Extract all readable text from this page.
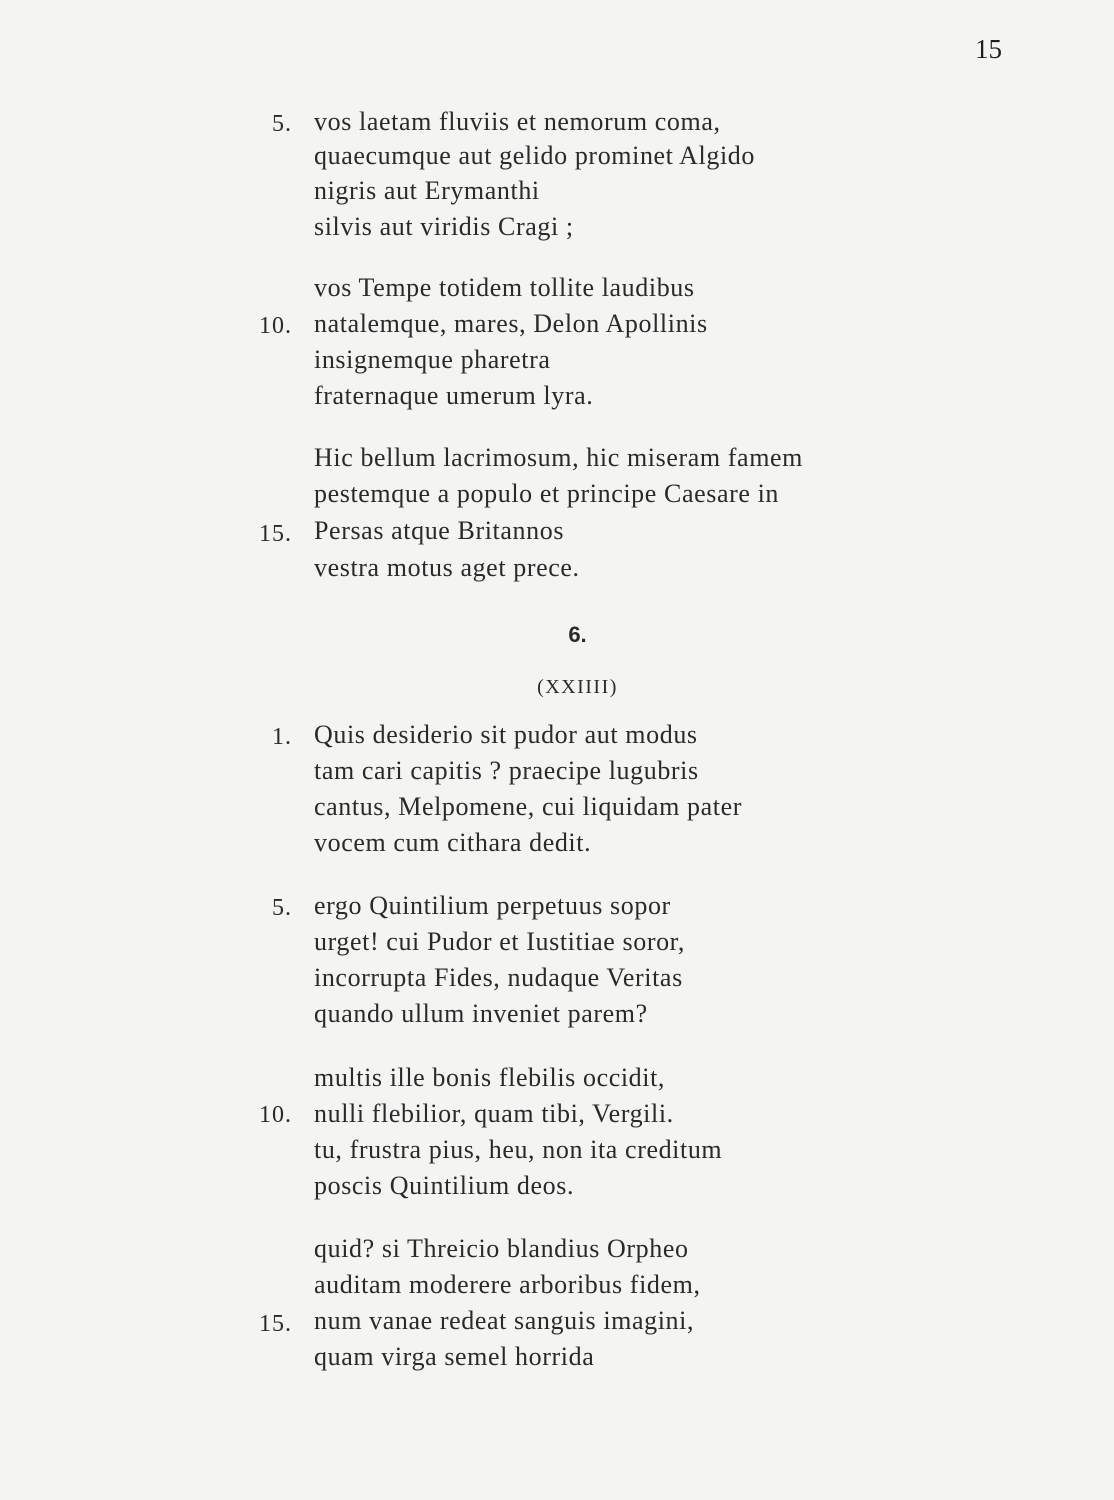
15
5. vos laetam fluviis et nemorum coma,
quaecumque aut gelido prominet Algido
nigris aut Erymanthi
silvis aut viridis Cragi ;
vos Tempe totidem tollite laudibus
10. natalemque, mares, Delon Apollinis
insignemque pharetra
fraternaque umerum lyra.
Hic bellum lacrimosum, hic miseram famem
pestemque a populo et principe Caesare in
15. Persas atque Britannos
vestra motus aget prece.
6.
(XXIIII)
1. Quis desiderio sit pudor aut modus
tam cari capitis ? praecipe lugubris
cantus, Melpomene, cui liquidam pater
vocem cum cithara dedit.
5. ergo Quintilium perpetuus sopor
urget! cui Pudor et Iustitiae soror,
incorrupta Fides, nudaque Veritas
quando ullum inveniet parem?
multis ille bonis flebilis occidit,
10. nulli flebilior, quam tibi, Vergili.
tu, frustra pius, heu, non ita creditum
poscis Quintilium deos.
quid? si Threicio blandius Orpheo
auditam moderere arboribus fidem,
15. num vanae redeat sanguis imagini,
quam virga semel horrida
